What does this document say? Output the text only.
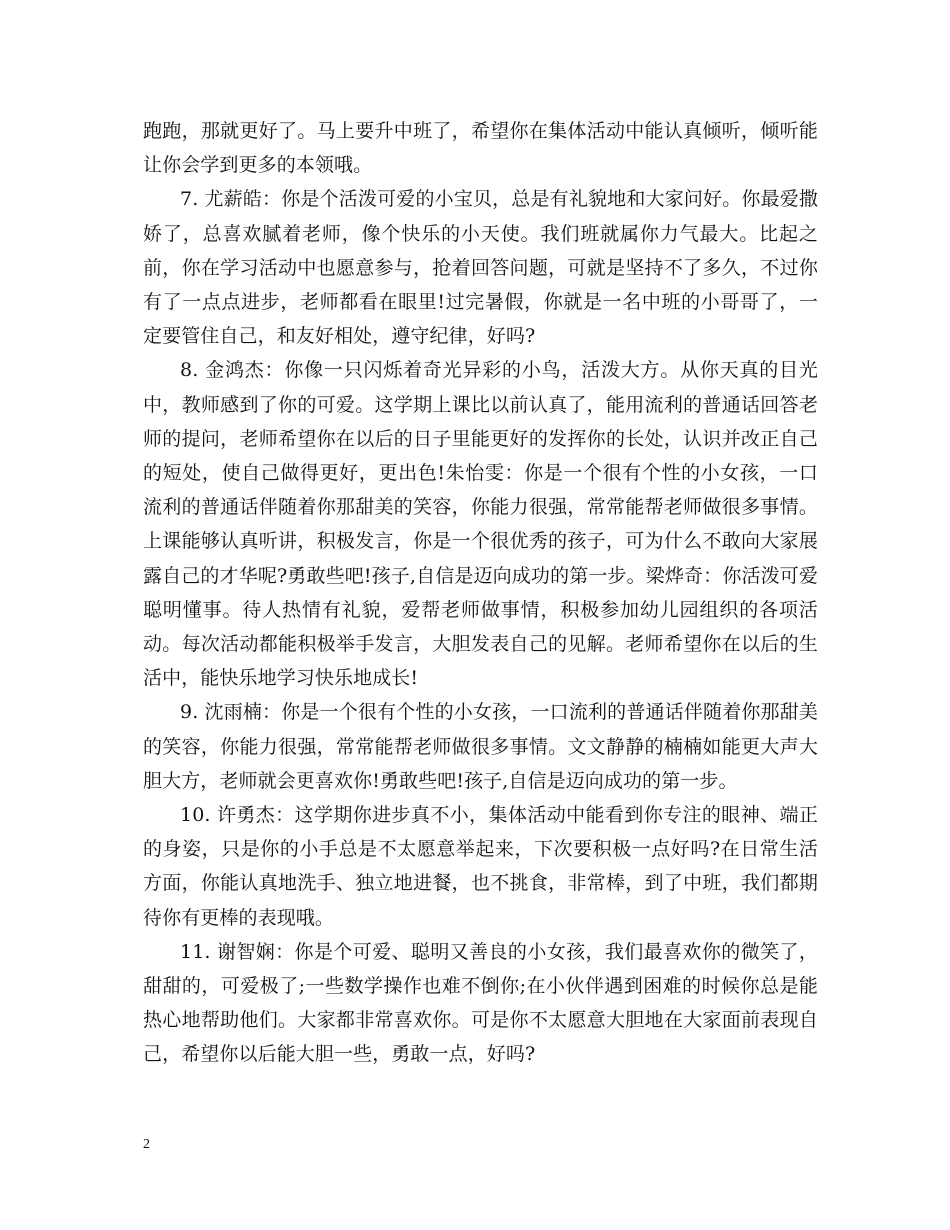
跑跑，那就更好了。马上要升中班了，希望你在集体活动中能认真倾听，倾听能让你会学到更多的本领哦。

7. 尤薪皓：你是个活泼可爱的小宝贝，总是有礼貌地和大家问好。你最爱撒娇了，总喜欢腻着老师，像个快乐的小天使。我们班就属你力气最大。比起之前，你在学习活动中也愿意参与，抢着回答问题，可就是坚持不了多久，不过你有了一点点进步，老师都看在眼里!过完暑假，你就是一名中班的小哥哥了，一定要管住自己，和友好相处，遵守纪律，好吗?

8. 金鸿杰：你像一只闪烁着奇光异彩的小鸟，活泼大方。从你天真的目光中，教师感到了你的可爱。这学期上课比以前认真了，能用流利的普通话回答老师的提问，老师希望你在以后的日子里能更好的发挥你的长处，认识并改正自己的短处，使自己做得更好，更出色!朱怡雯：你是一个很有个性的小女孩，一口流利的普通话伴随着你那甜美的笑容，你能力很强，常常能帮老师做很多事情。上课能够认真听讲，积极发言，你是一个很优秀的孩子，可为什么不敢向大家展露自己的才华呢?勇敢些吧!孩子,自信是迈向成功的第一步。梁烨奇：你活泼可爱聪明懂事。待人热情有礼貌，爱帮老师做事情，积极参加幼儿园组织的各项活动。每次活动都能积极举手发言，大胆发表自己的见解。老师希望你在以后的生活中，能快乐地学习快乐地成长!

9. 沈雨楠：你是一个很有个性的小女孩，一口流利的普通话伴随着你那甜美的笑容，你能力很强，常常能帮老师做很多事情。文文静静的楠楠如能更大声大胆大方，老师就会更喜欢你!勇敢些吧!孩子,自信是迈向成功的第一步。

10. 许勇杰：这学期你进步真不小，集体活动中能看到你专注的眼神、端正的身姿，只是你的小手总是不太愿意举起来，下次要积极一点好吗?在日常生活方面，你能认真地洗手、独立地进餐，也不挑食，非常棒，到了中班，我们都期待你有更棒的表现哦。

11. 谢智娴：你是个可爱、聪明又善良的小女孩，我们最喜欢你的微笑了，甜甜的，可爱极了;一些数学操作也难不倒你;在小伙伴遇到困难的时候你总是能热心地帮助他们。大家都非常喜欢你。可是你不太愿意大胆地在大家面前表现自己，希望你以后能大胆一些，勇敢一点，好吗?

2
